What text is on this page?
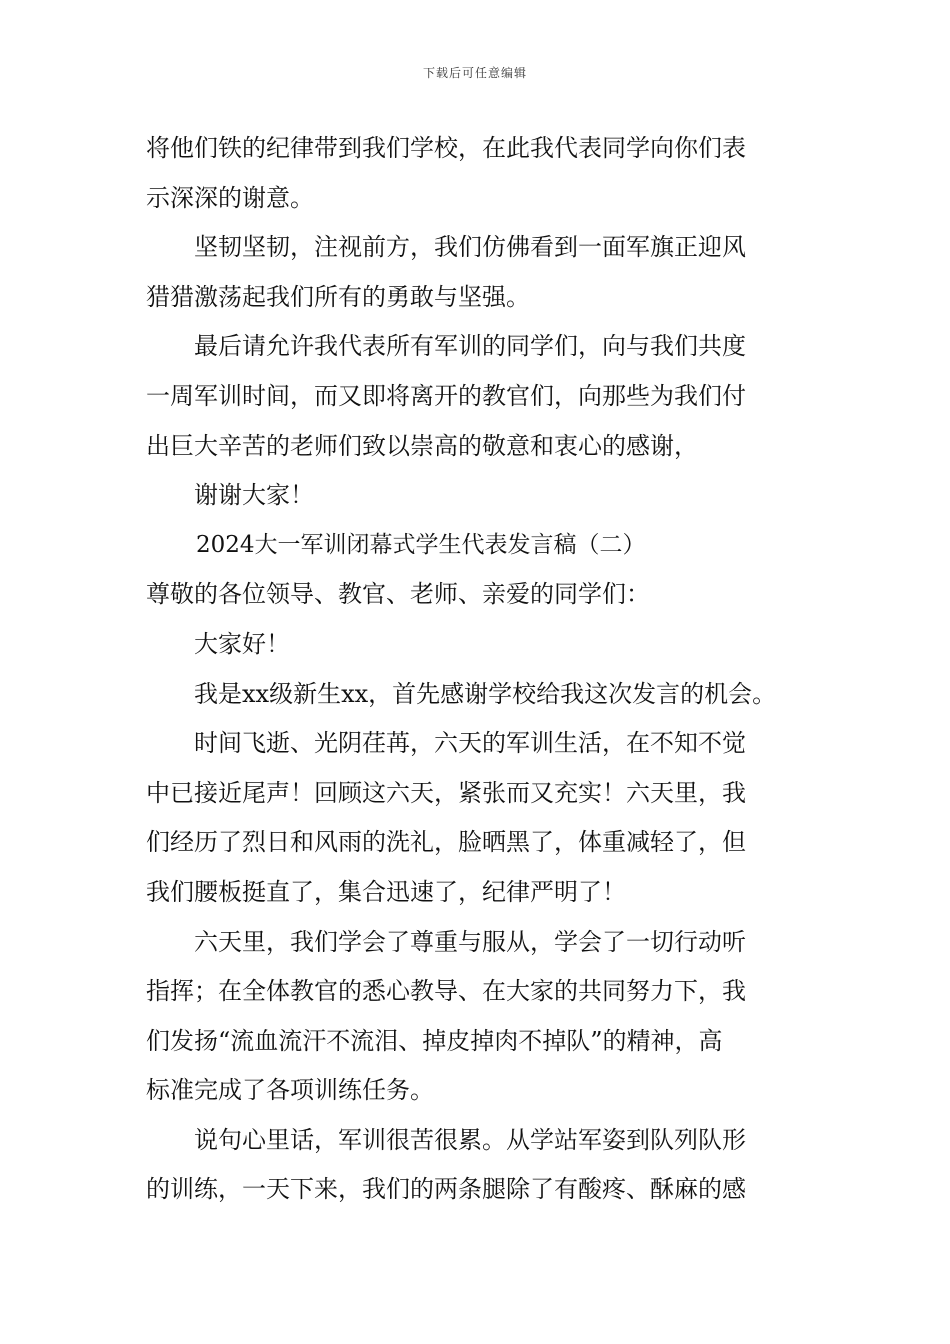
下载后可任意编辑
将他们铁的纪律带到我们学校，在此我代表同学向你们表
示深深的谢意。
坚韧坚韧，注视前方，我们仿佛看到一面军旗正迎风
猎猎激荡起我们所有的勇敢与坚强。
最后请允许我代表所有军训的同学们，向与我们共度
一周军训时间，而又即将离开的教官们，向那些为我们付
出巨大辛苦的老师们致以崇高的敬意和衷心的感谢，
谢谢大家！
2024大一军训闭幕式学生代表发言稿（二）
尊敬的各位领导、教官、老师、亲爱的同学们：
大家好！
我是xx级新生xx，首先感谢学校给我这次发言的机会。
时间飞逝、光阴荏苒，六天的军训生活，在不知不觉
中已接近尾声！回顾这六天，紧张而又充实！六天里，我
们经历了烈日和风雨的洗礼，脸晒黑了，体重减轻了，但
我们腰板挺直了，集合迅速了，纪律严明了！
六天里，我们学会了尊重与服从，学会了一切行动听
指挥；在全体教官的悉心教导、在大家的共同努力下，我
们发扬“流血流汗不流泪、掉皮掉肉不掉队”的精神，高
标准完成了各项训练任务。
说句心里话，军训很苦很累。从学站军姿到队列队形
的训练，一天下来，我们的两条腿除了有酸疼、酥麻的感
